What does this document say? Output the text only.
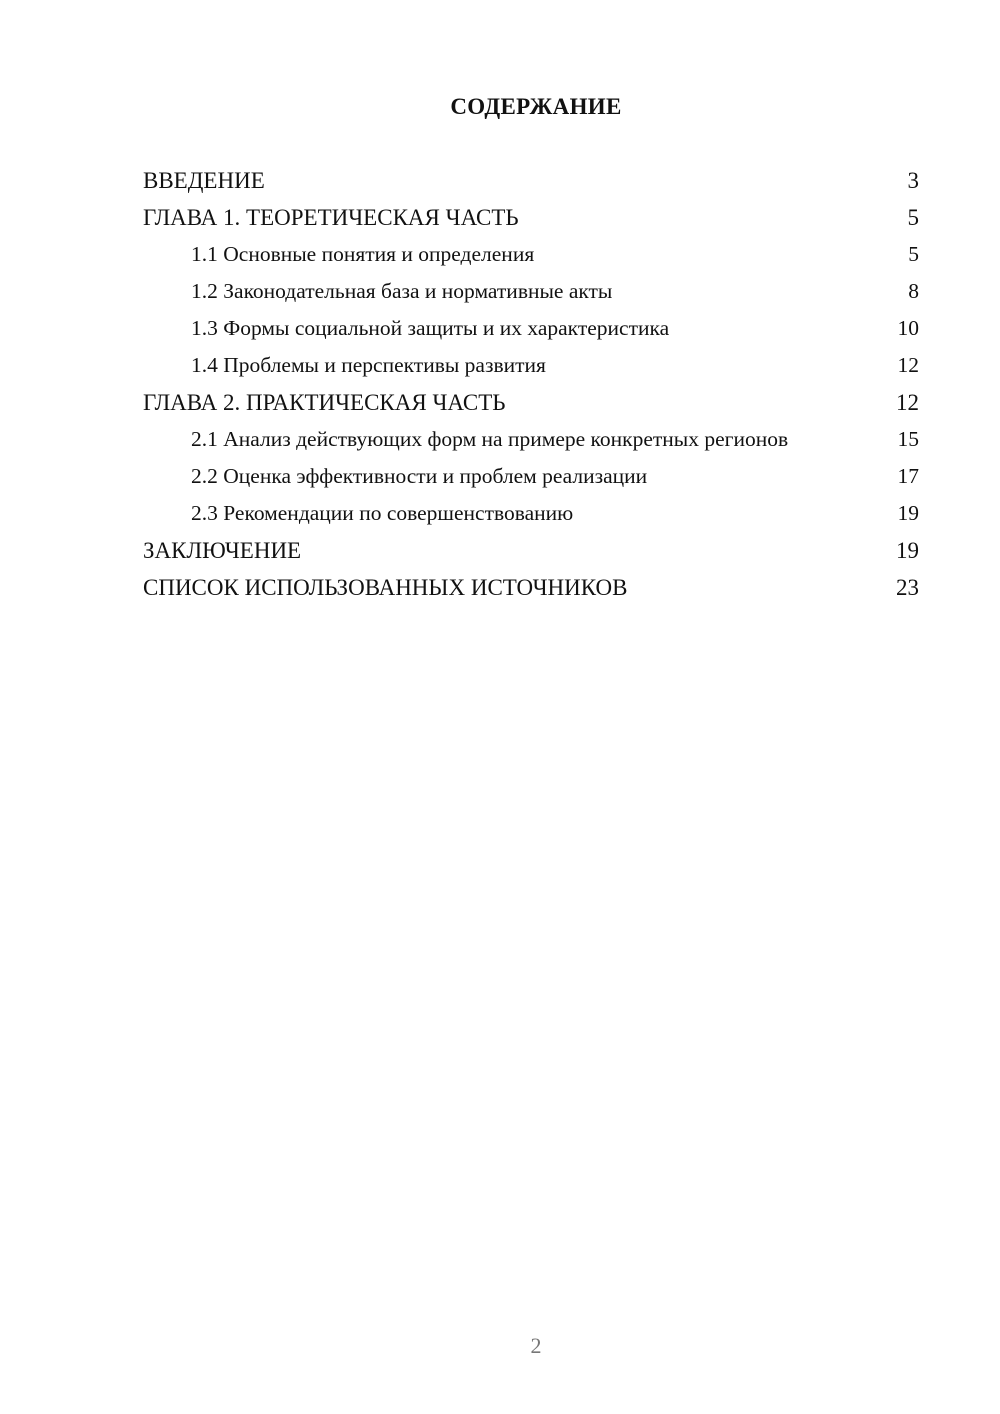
СОДЕРЖАНИЕ
ВВЕДЕНИЕ	3
ГЛАВА 1. ТЕОРЕТИЧЕСКАЯ ЧАСТЬ	5
1.1 Основные понятия и определения	5
1.2 Законодательная база и нормативные акты	8
1.3 Формы социальной защиты и их характеристика	10
1.4 Проблемы и перспективы развития	12
ГЛАВА 2. ПРАКТИЧЕСКАЯ ЧАСТЬ	12
2.1 Анализ действующих форм на примере конкретных регионов	15
2.2 Оценка эффективности и проблем реализации	17
2.3 Рекомендации по совершенствованию	19
ЗАКЛЮЧЕНИЕ	19
СПИСОК ИСПОЛЬЗОВАННЫХ ИСТОЧНИКОВ	23
2
